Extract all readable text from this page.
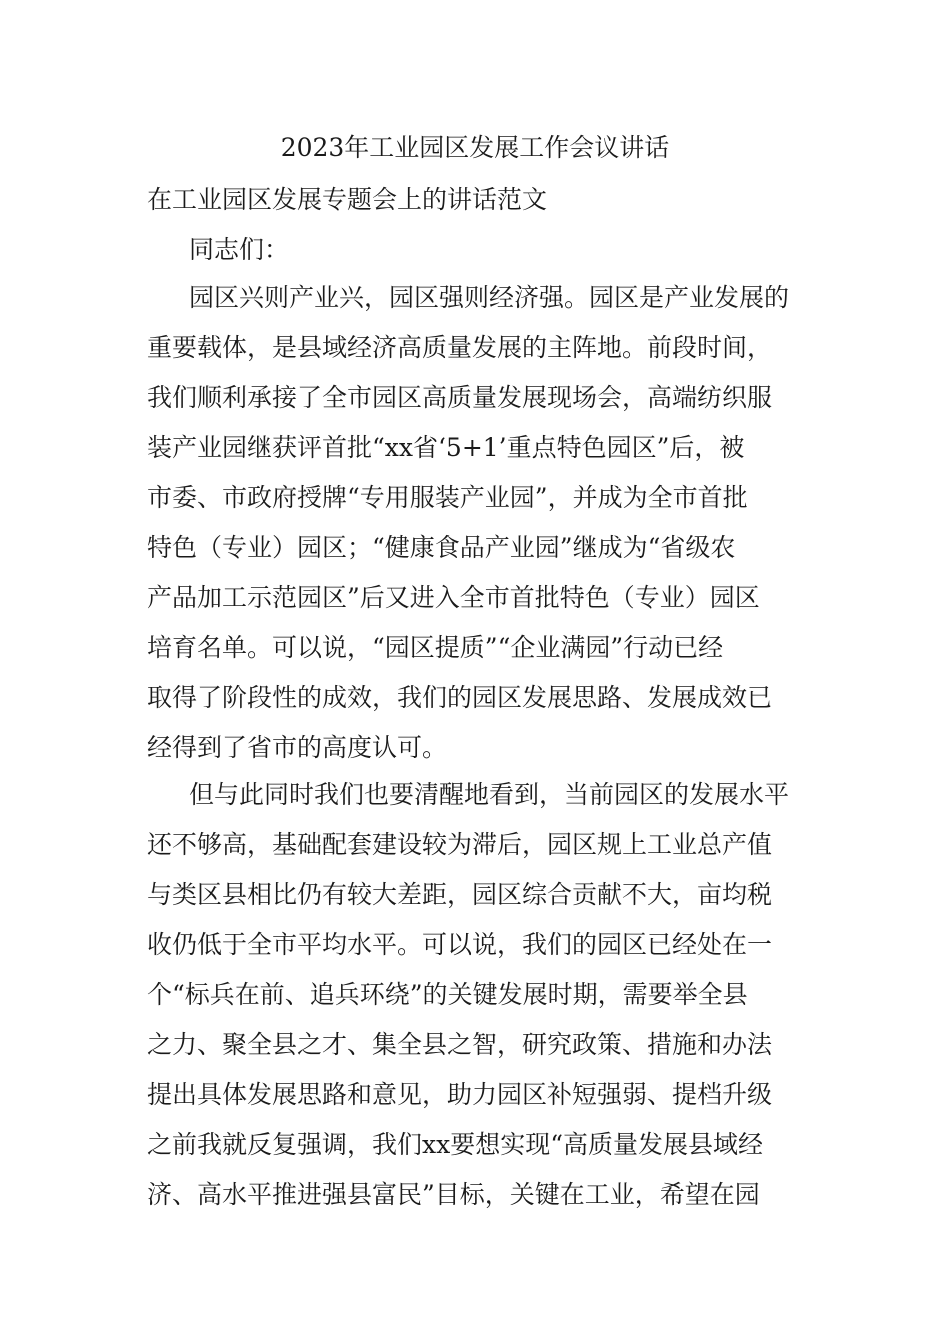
2023年工业园区发展工作会议讲话
在工业园区发展专题会上的讲话范文
同志们：
园区兴则产业兴，园区强则经济强。园区是产业发展的
重要载体，是县域经济高质量发展的主阵地。前段时间，
我们顺利承接了全市园区高质量发展现场会，高端纺织服
装产业园继获评首批“xx省‘5+1’重点特色园区”后，被
市委、市政府授牌“专用服装产业园”，并成为全市首批
特色（专业）园区；“健康食品产业园”继成为“省级农
产品加工示范园区”后又进入全市首批特色（专业）园区
培育名单。可以说，“园区提质”“企业满园”行动已经
取得了阶段性的成效，我们的园区发展思路、发展成效已
经得到了省市的高度认可。
但与此同时我们也要清醒地看到，当前园区的发展水平
还不够高，基础配套建设较为滞后，园区规上工业总产值
与类区县相比仍有较大差距，园区综合贡献不大，亩均税
收仍低于全市平均水平。可以说，我们的园区已经处在一
个“标兵在前、追兵环绕”的关键发展时期，需要举全县
之力、聚全县之才、集全县之智，研究政策、措施和办法
提出具体发展思路和意见，助力园区补短强弱、提档升级
之前我就反复强调，我们xx要想实现“高质量发展县域经
济、高水平推进强县富民”目标，关键在工业，希望在园
